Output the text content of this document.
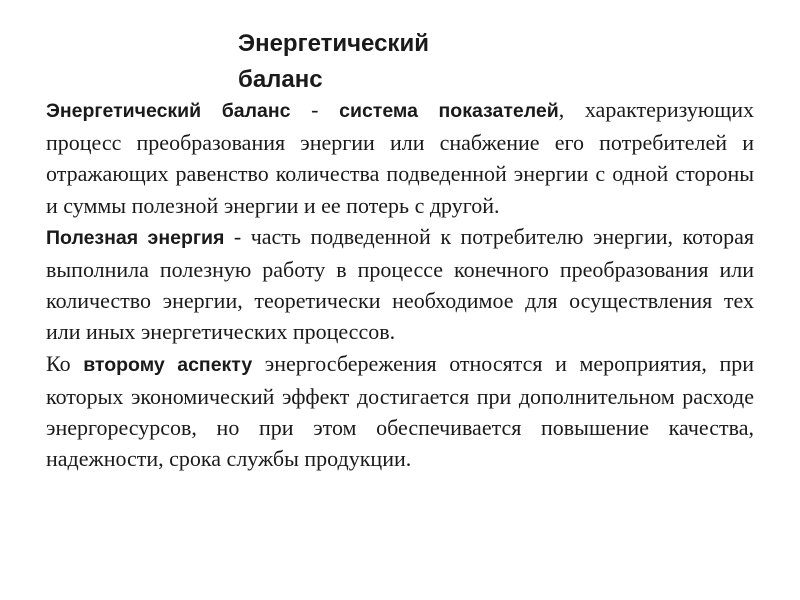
Энергетический баланс

Энергетический баланс - система показателей, характеризующих процесс преобразования энергии или снабжение его потребителей и отражающих равенство количества подведенной энергии с одной стороны и суммы полезной энергии и ее потерь с другой.

Полезная энергия - часть подведенной к потребителю энергии, которая выполнила полезную работу в процессе конечного преобразования или количество энергии, теоретически необходимое для осуществления тех или иных энергетических процессов.

Ко второму аспекту энергосбережения относятся и мероприятия, при которых экономический эффект достигается при дополнительном расходе энергоресурсов, но при этом обеспечивается повышение качества, надежности, срока службы продукции.
